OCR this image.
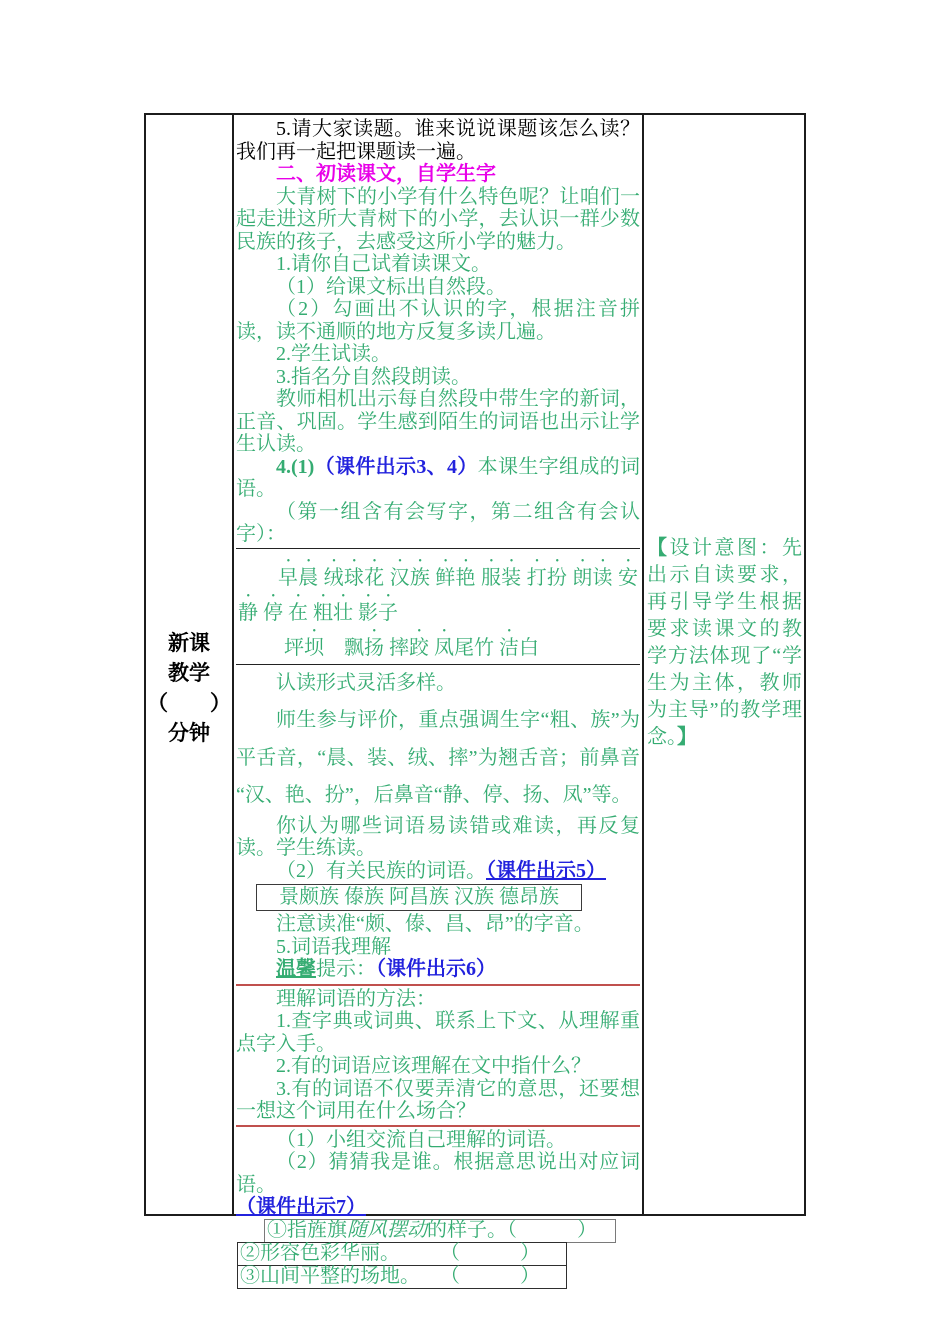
新课
教学
（　　）
分钟
5.请大家读题。谁来说说课题该怎么读？我们再一起把课题读一遍。
二、初读课文，自学生字
大青树下的小学有什么特色呢？让咱们一起走进这所大青树下的小学，去认识一群少数民族的孩子，去感受这所小学的魅力。
1.请你自己试着读课文。
（1）给课文标出自然段。
（2）勾画出不认识的字，根据注音拼读，读不通顺的地方反复多读几遍。
2.学生试读。
3.指名分自然段朗读。
教师相机出示每自然段中带生字的新词，正音、巩固。学生感到陌生的词语也出示让学生认读。
4.(1)（课件出示3、4）本课生字组成的词语。
（第一组含有会写字，第二组含有会认字）：
早晨 绒球花 汉族 鲜艳 服装 打扮 朗读 安静 停 在 粗壮 影子
坪坝　飘扬 摔跤 凤尾竹 洁白
认读形式灵活多样。
师生参与评价，重点强调生字“粗、族”为平舌音，“晨、装、绒、摔”为翘舌音；前鼻音“汉、艳、扮”，后鼻音“静、停、扬、凤”等。
你认为哪些词语易读错或难读，再反复读。学生练读。
（2）有关民族的词语。（课件出示5）
　景颇族 傣族 阿昌族 汉族 德昂族
注意读准“颇、傣、昌、昂”的字音。
5.词语我理解
温馨提示：（课件出示6）
理解词语的方法：
1.查字典或词典、联系上下文、从理解重点字入手。
2.有的词语应该理解在文中指什么？
3.有的词语不仅要弄清它的意思，还要想一想这个词用在什么场合？
（1）小组交流自己理解的词语。
（2）猜猜我是谁。根据意思说出对应词语。
（课件出示7）
①指旌旗随风摆动的样子。（　　　）
②形容色彩华丽。　　　（　　　）
③山间平整的场地。　　（　　　）
【设计意图：先出示自读要求，再引导学生根据要求读课文的教学方法体现了“学生为主体，教师为主导”的教学理念。】
